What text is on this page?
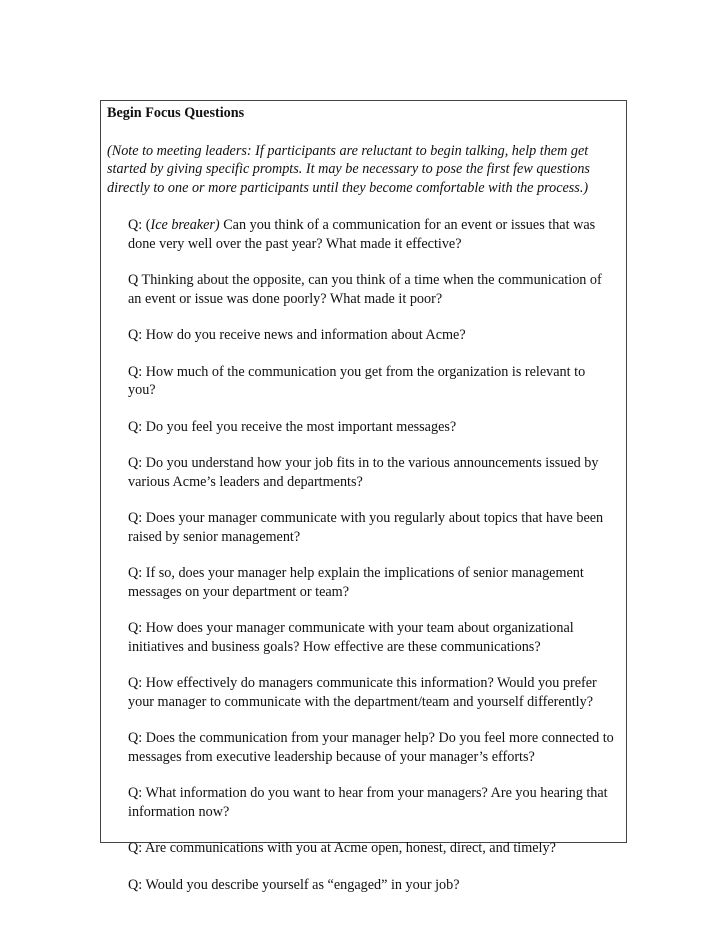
Begin Focus Questions

(Note to meeting leaders: If participants are reluctant to begin talking, help them get
started by giving specific prompts. It may be necessary to pose the first few questions
directly to one or more participants until they become comfortable with the process.)

Q: (Ice breaker) Can you think of a communication for an event or issues that was
done very well over the past year? What made it effective?
Q Thinking about the opposite, can you think of a time when the communication of
an event or issue was done poorly? What made it poor?
Q: How do you receive news and information about Acme?
Q: How much of the communication you get from the organization is relevant to
you?
Q: Do you feel you receive the most important messages?
Q: Do you understand how your job fits in to the various announcements issued by
various Acme’s leaders and departments?
Q: Does your manager communicate with you regularly about topics that have been
raised by senior management?
Q: If so, does your manager help explain the implications of senior management
messages on your department or team?
Q: How does your manager communicate with your team about organizational
initiatives and business goals? How effective are these communications?
Q: How effectively do managers communicate this information? Would you prefer
your manager to communicate with the department/team and yourself differently?
Q: Does the communication from your manager help? Do you feel more connected to
messages from executive leadership because of your manager’s efforts?
Q: What information do you want to hear from your managers? Are you hearing that
information now?
Q: Are communications with you at Acme open, honest, direct, and timely?
Q: Would you describe yourself as “engaged” in your job?
